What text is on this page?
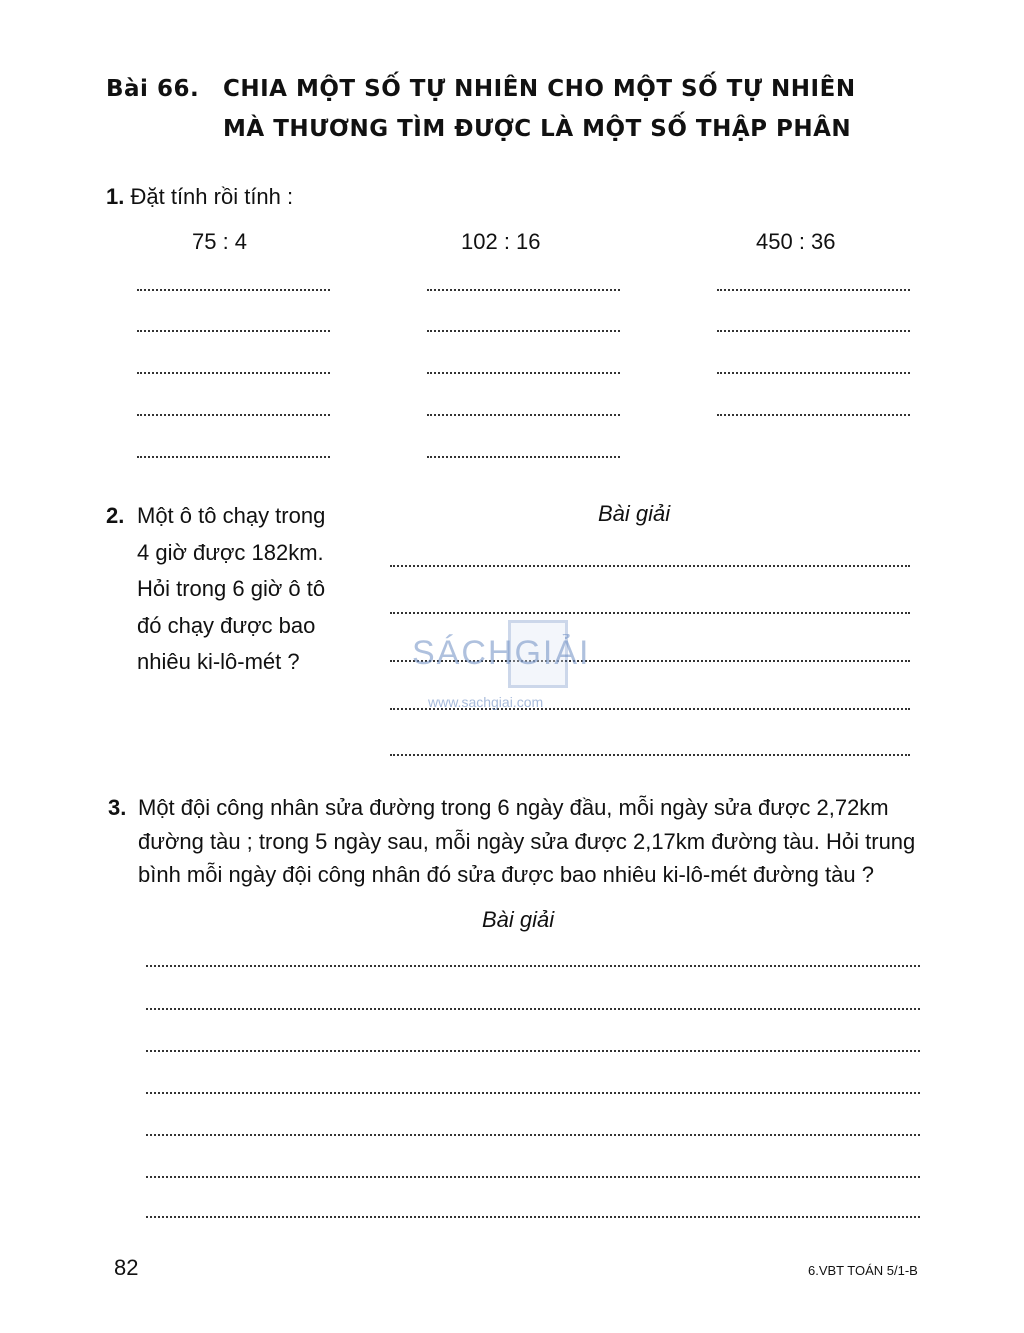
Bài 66. CHIA MỘT SỐ TỰ NHIÊN CHO MỘT SỐ TỰ NHIÊN
MÀ THƯƠNG TÌM ĐƯỢC LÀ MỘT SỐ THẬP PHÂN
1. Đặt tính rồi tính :
75 : 4	102 : 16	450 : 36
2. Một ô tô chạy trong
4 giờ được 182km.
Hỏi trong 6 giờ ô tô
đó chạy được bao
nhiêu ki-lô-mét ?
Bài giải
SÁCHGIẢI
www.sachgiai.com
3. Một đội công nhân sửa đường trong 6 ngày đầu, mỗi ngày sửa được 2,72km
đường tàu ; trong 5 ngày sau, mỗi ngày sửa được 2,17km đường tàu. Hỏi trung
bình mỗi ngày đội công nhân đó sửa được bao nhiêu ki-lô-mét đường tàu ?
Bài giải
82	6.VBT TOÁN 5/1-B
